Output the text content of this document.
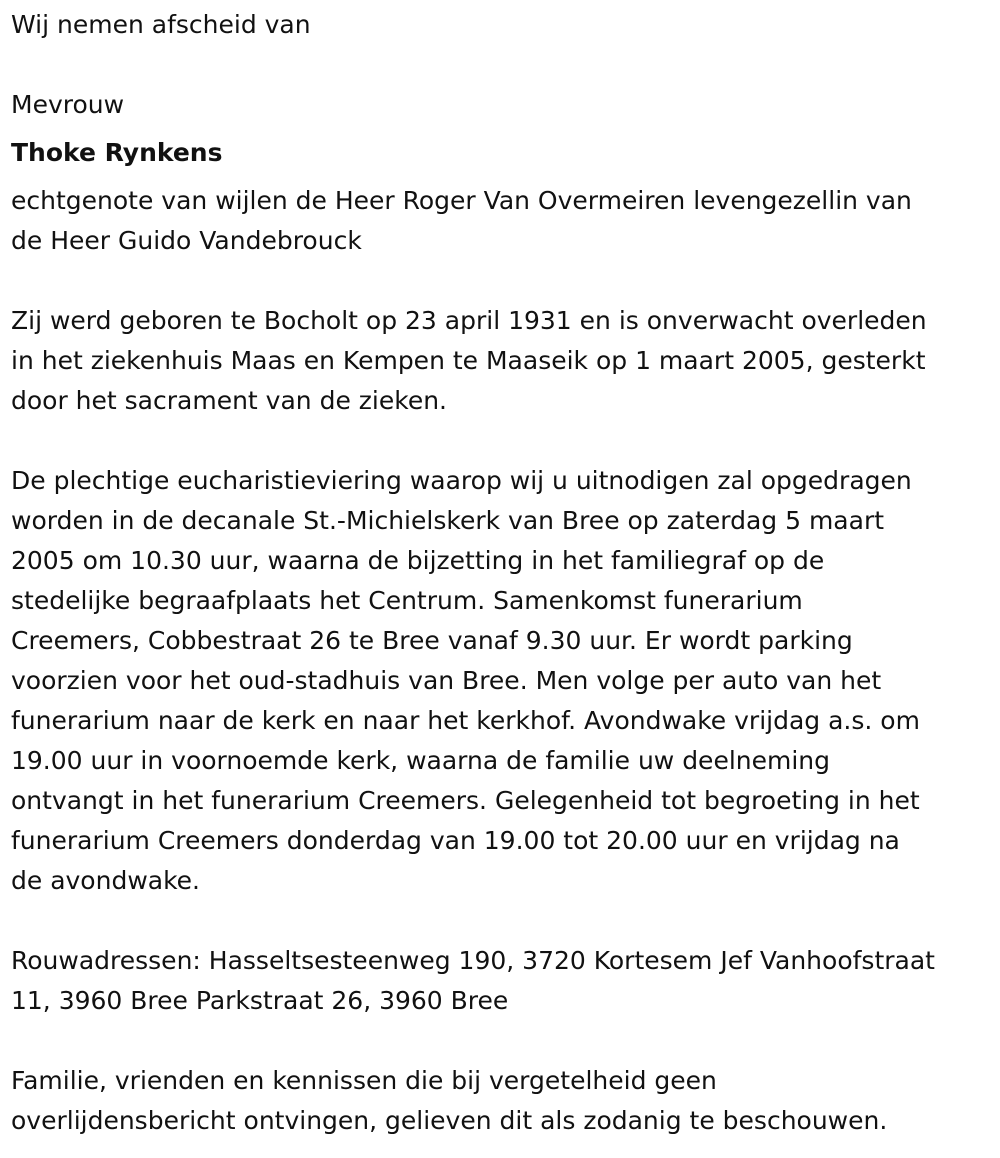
Wij nemen afscheid van
Mevrouw
Thoke Rynkens
echtgenote van wijlen de Heer Roger Van Overmeiren levengezellin van
de Heer Guido Vandebrouck
Zij werd geboren te Bocholt op 23 april 1931 en is onverwacht overleden
in het ziekenhuis Maas en Kempen te Maaseik op 1 maart 2005, gesterkt
door het sacrament van de zieken.
De plechtige eucharistieviering waarop wij u uitnodigen zal opgedragen
worden in de decanale St.-Michielskerk van Bree op zaterdag 5 maart
2005 om 10.30 uur, waarna de bijzetting in het familiegraf op de
stedelijke begraafplaats het Centrum. Samenkomst funerarium
Creemers, Cobbestraat 26 te Bree vanaf 9.30 uur. Er wordt parking
voorzien voor het oud-stadhuis van Bree. Men volge per auto van het
funerarium naar de kerk en naar het kerkhof. Avondwake vrijdag a.s. om
19.00 uur in voornoemde kerk, waarna de familie uw deelneming
ontvangt in het funerarium Creemers. Gelegenheid tot begroeting in het
funerarium Creemers donderdag van 19.00 tot 20.00 uur en vrijdag na
de avondwake.
Rouwadressen: Hasseltsesteenweg 190, 3720 Kortesem Jef Vanhoofstraat
11, 3960 Bree Parkstraat 26, 3960 Bree
Familie, vrienden en kennissen die bij vergetelheid geen
overlijdensbericht ontvingen, gelieven dit als zodanig te beschouwen.
